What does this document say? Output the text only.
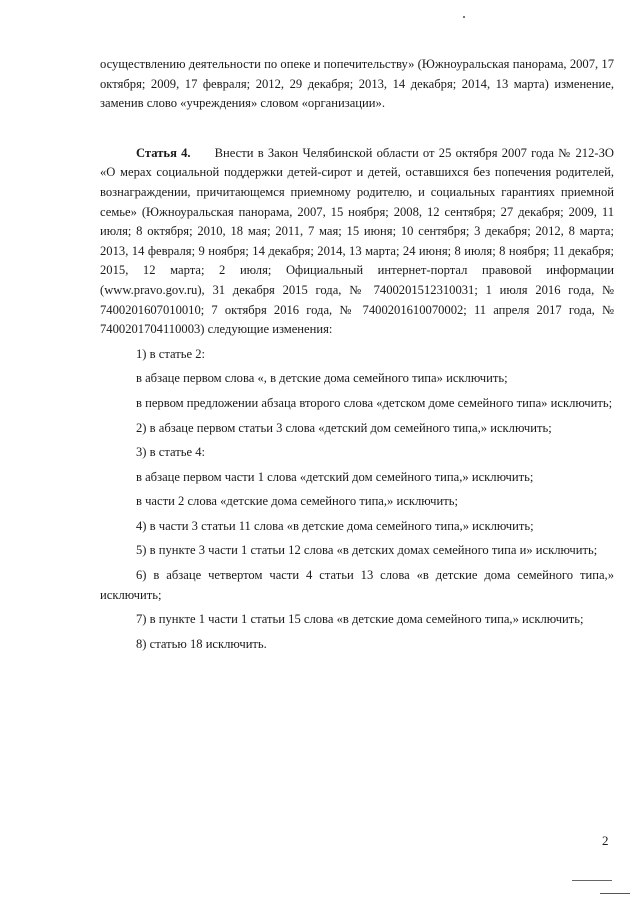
осуществлению деятельности по опеке и попечительству» (Южноуральская панорама, 2007, 17 октября; 2009, 17 февраля; 2012, 29 декабря; 2013, 14 декабря; 2014, 13 марта) изменение, заменив слово «учреждения» словом «организации».

Статья 4. Внести в Закон Челябинской области от 25 октября 2007 года № 212-ЗО «О мерах социальной поддержки детей-сирот и детей, оставшихся без попечения родителей, вознаграждении, причитающемся приемному родителю, и социальных гарантиях приемной семье» (Южноуральская панорама, 2007, 15 ноября; 2008, 12 сентября; 27 декабря; 2009, 11 июля; 8 октября; 2010, 18 мая; 2011, 7 мая; 15 июня; 10 сентября; 3 декабря; 2012, 8 марта; 2013, 14 февраля; 9 ноября; 14 декабря; 2014, 13 марта; 24 июня; 8 июля; 8 ноября; 11 декабря; 2015, 12 марта; 2 июля; Официальный интернет-портал правовой информации (www.pravo.gov.ru), 31 декабря 2015 года, № 7400201512310031; 1 июля 2016 года, № 7400201607010010; 7 октября 2016 года, № 7400201610070002; 11 апреля 2017 года, № 7400201704110003) следующие изменения:

1) в статье 2:

в абзаце первом слова «, в детские дома семейного типа» исключить;

в первом предложении абзаца второго слова «детском доме семейного типа» исключить;

2) в абзаце первом статьи 3 слова «детский дом семейного типа,» исключить;

3) в статье 4:

в абзаце первом части 1 слова «детский дом семейного типа,» исключить;

в части 2 слова «детские дома семейного типа,» исключить;

4) в части 3 статьи 11 слова «в детские дома семейного типа,» исключить;

5) в пункте 3 части 1 статьи 12 слова «в детских домах семейного типа и» исключить;

6) в абзаце четвертом части 4 статьи 13 слова «в детские дома семейного типа,» исключить;

7) в пункте 1 части 1 статьи 15 слова «в детские дома семейного типа,» исключить;

8) статью 18 исключить.

2
